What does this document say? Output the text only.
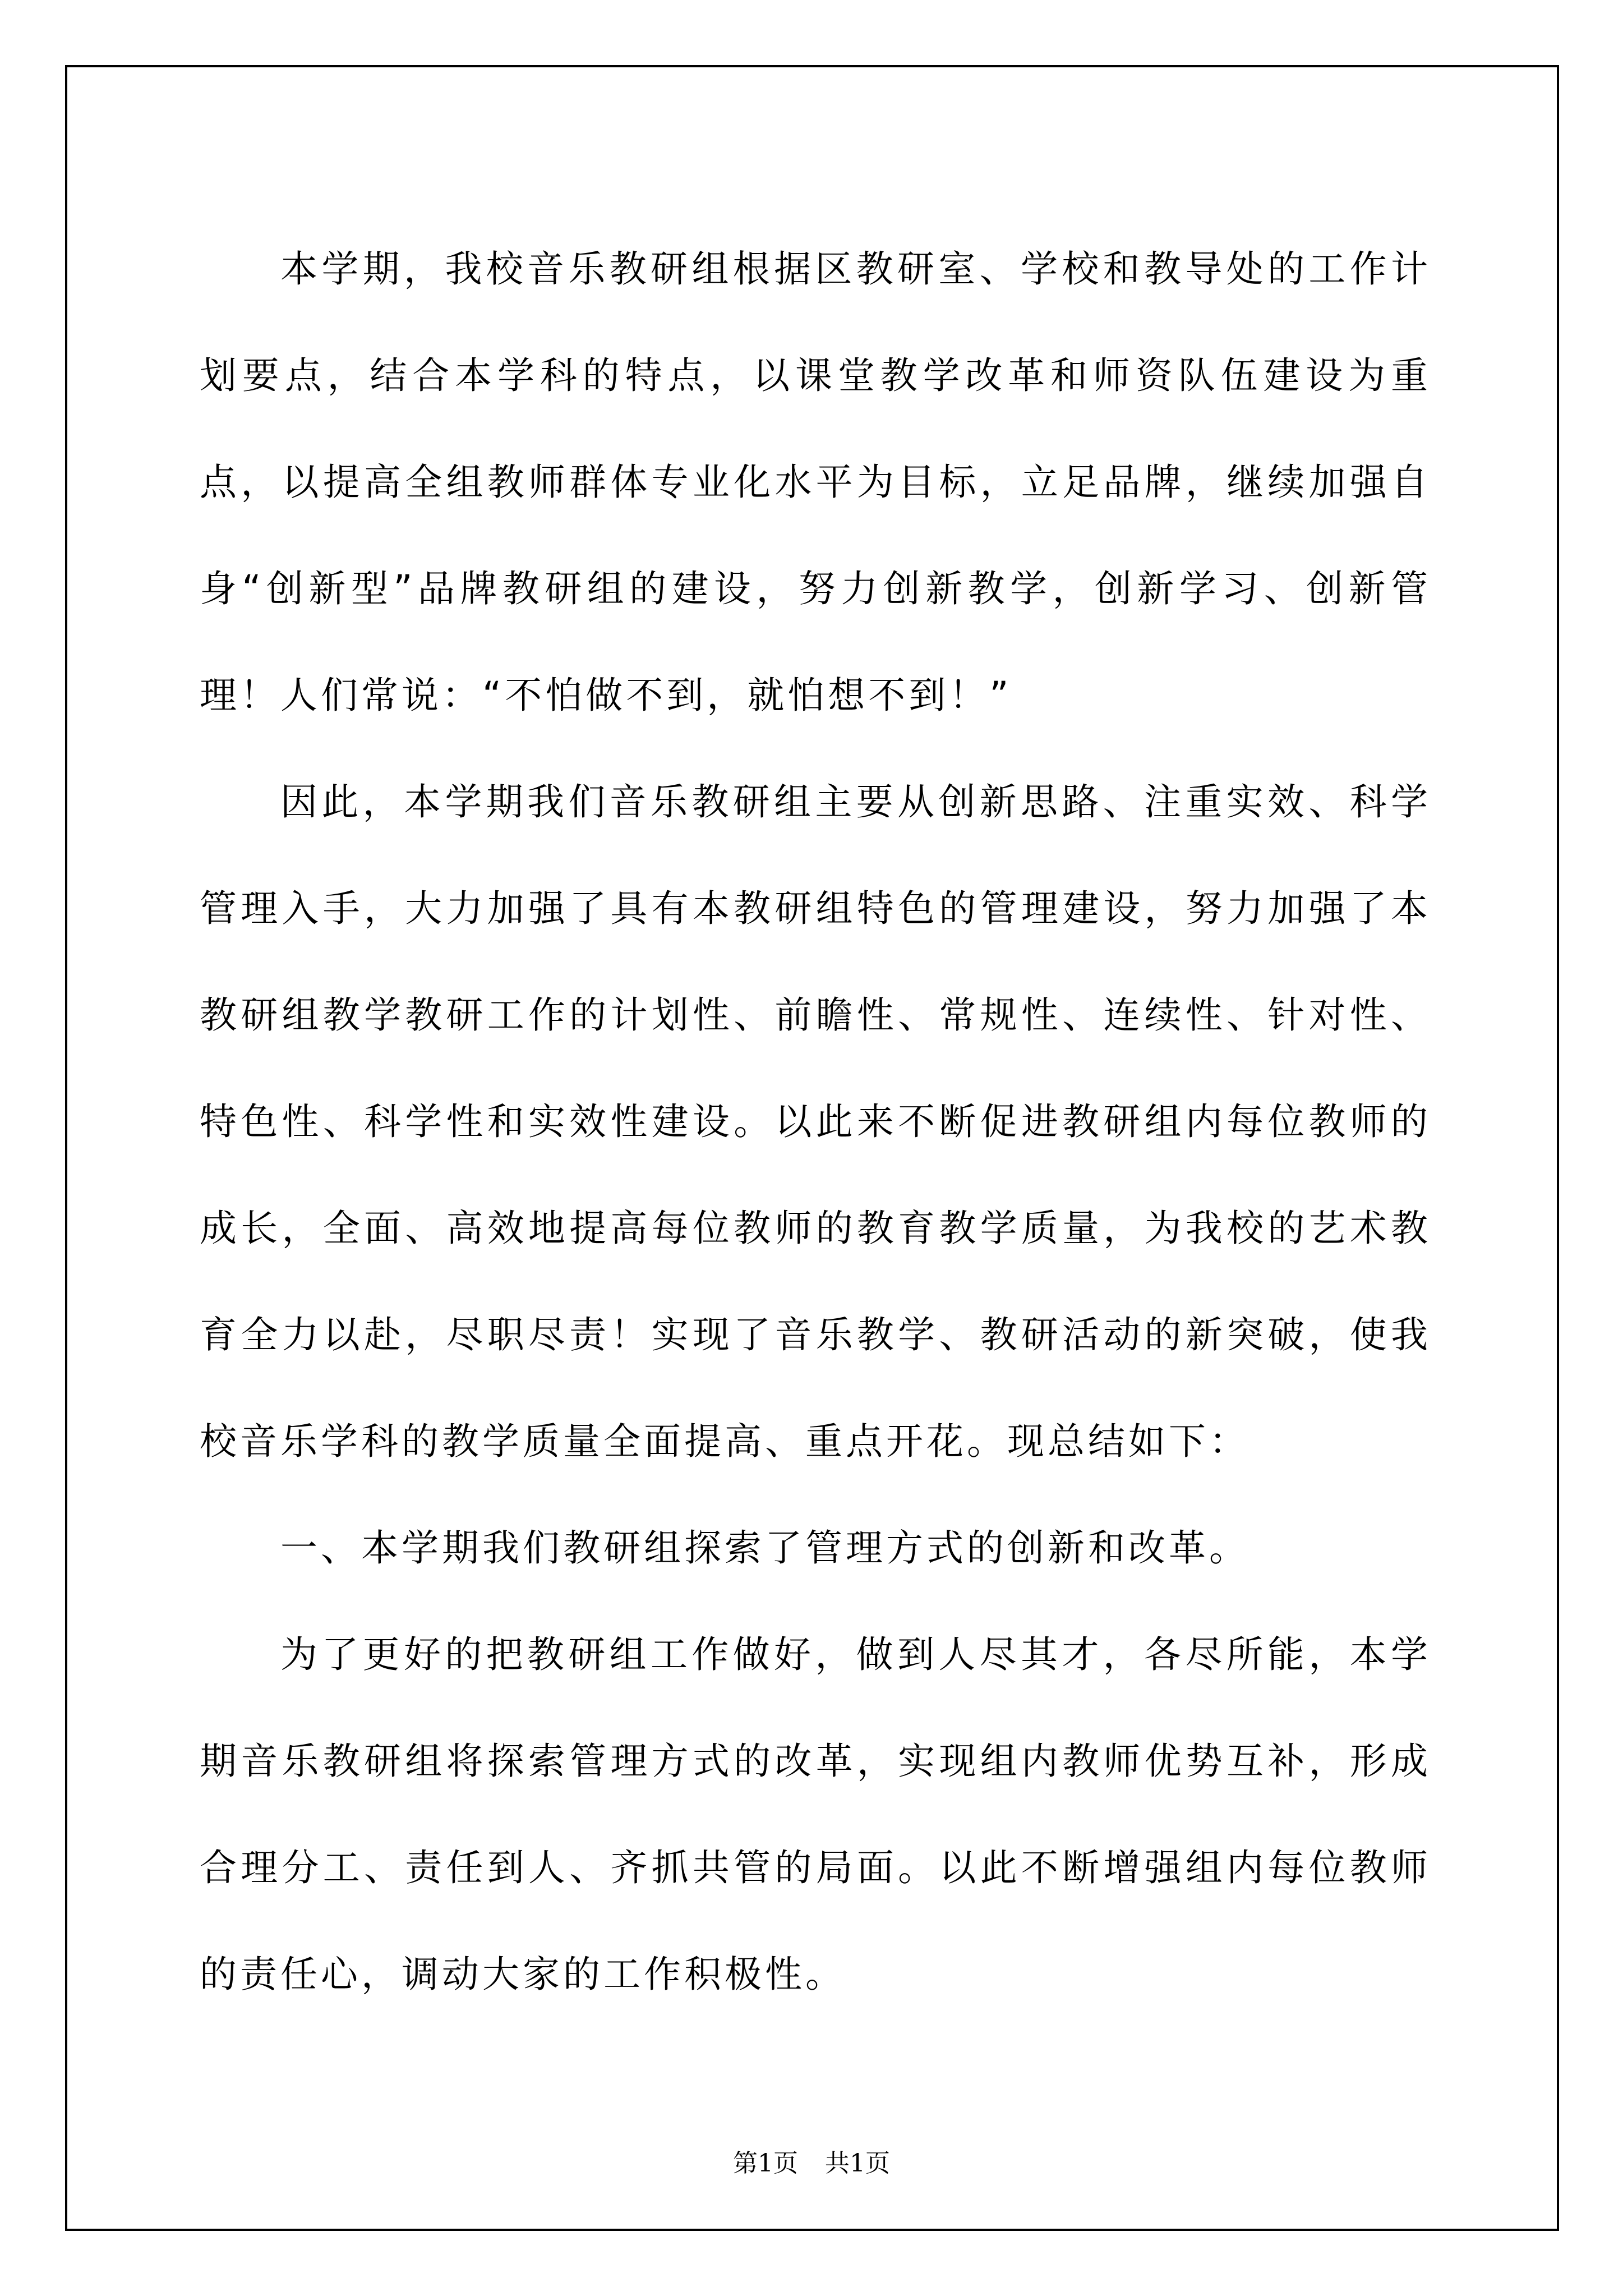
本学期，我校音乐教研组根据区教研室、学校和教导处的工作计划要点，结合本学科的特点，以课堂教学改革和师资队伍建设为重点，以提高全组教师群体专业化水平为目标，立足品牌，继续加强自身“创新型”品牌教研组的建设，努力创新教学，创新学习、创新管理！人们常说：“不怕做不到，就怕想不到！”

因此，本学期我们音乐教研组主要从创新思路、注重实效、科学管理入手，大力加强了具有本教研组特色的管理建设，努力加强了本教研组教学教研工作的计划性、前瞻性、常规性、连续性、针对性、特色性、科学性和实效性建设。以此来不断促进教研组内每位教师的成长，全面、高效地提高每位教师的教育教学质量，为我校的艺术教育全力以赴，尽职尽责！实现了音乐教学、教研活动的新突破，使我校音乐学科的教学质量全面提高、重点开花。现总结如下：

一、本学期我们教研组探索了管理方式的创新和改革。

为了更好的把教研组工作做好，做到人尽其才，各尽所能，本学期音乐教研组将探索管理方式的改革，实现组内教师优势互补，形成合理分工、责任到人、齐抓共管的局面。以此不断增强组内每位教师的责任心，调动大家的工作积极性。

第1页 共1页
